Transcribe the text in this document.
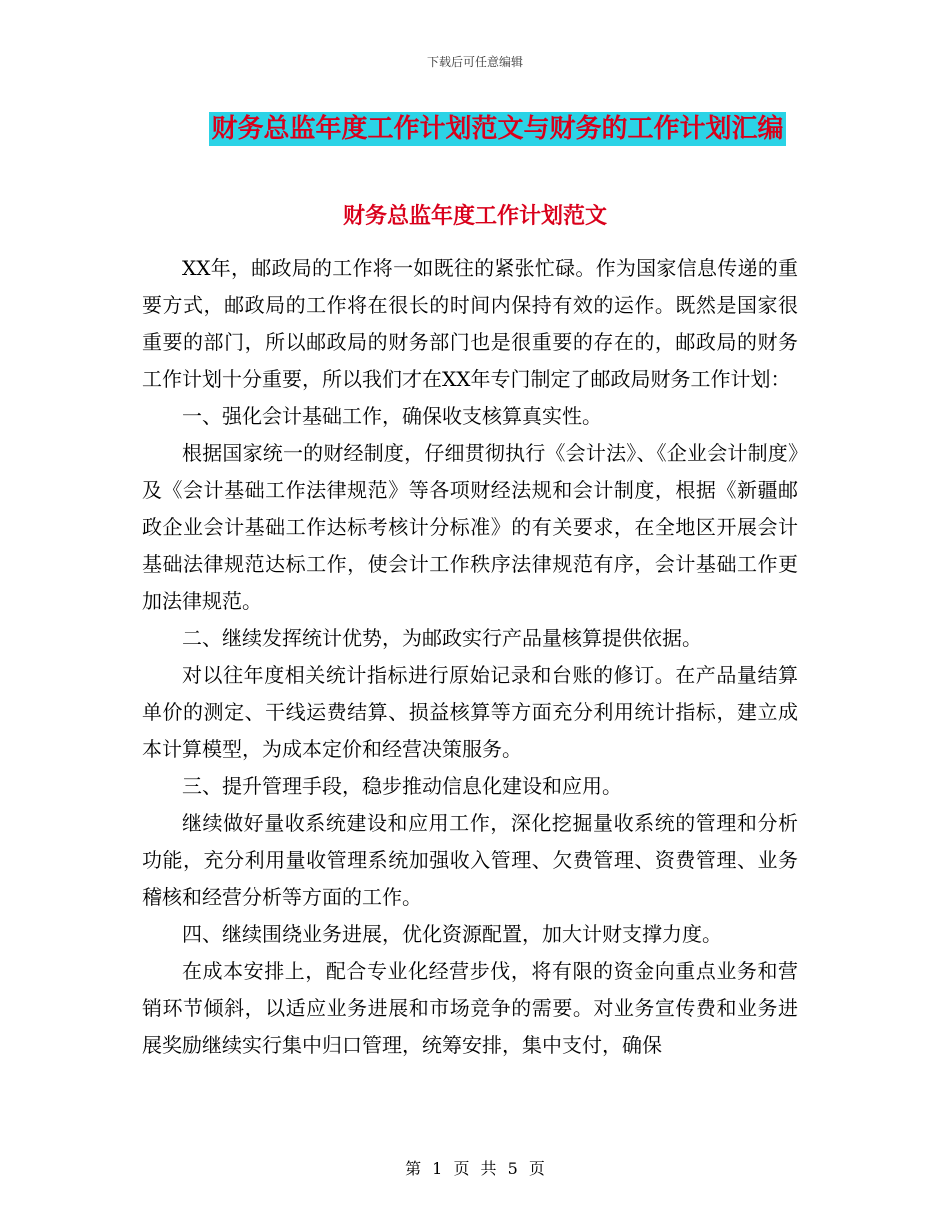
下载后可任意编辑
财务总监年度工作计划范文与财务的工作计划汇编
财务总监年度工作计划范文

XX年，邮政局的工作将一如既往的紧张忙碌。作为国家信息传递的重要方式，邮政局的工作将在很长的时间内保持有效的运作。既然是国家很重要的部门，所以邮政局的财务部门也是很重要的存在的，邮政局的财务工作计划十分重要，所以我们才在XX年专门制定了邮政局财务工作计划：

一、强化会计基础工作，确保收支核算真实性。

根据国家统一的财经制度，仔细贯彻执行《会计法》、《企业会计制度》及《会计基础工作法律规范》等各项财经法规和会计制度，根据《新疆邮政企业会计基础工作达标考核计分标准》的有关要求，在全地区开展会计基础法律规范达标工作，使会计工作秩序法律规范有序，会计基础工作更加法律规范。

二、继续发挥统计优势，为邮政实行产品量核算提供依据。

对以往年度相关统计指标进行原始记录和台账的修订。在产品量结算单价的测定、干线运费结算、损益核算等方面充分利用统计指标，建立成本计算模型，为成本定价和经营决策服务。

三、提升管理手段，稳步推动信息化建设和应用。

继续做好量收系统建设和应用工作，深化挖掘量收系统的管理和分析功能，充分利用量收管理系统加强收入管理、欠费管理、资费管理、业务稽核和经营分析等方面的工作。

四、继续围绕业务进展，优化资源配置，加大计财支撑力度。

在成本安排上，配合专业化经营步伐，将有限的资金向重点业务和营销环节倾斜，以适应业务进展和市场竞争的需要。对业务宣传费和业务进展奖励继续实行集中归口管理，统筹安排，集中支付，确保

第 1 页 共 5 页
